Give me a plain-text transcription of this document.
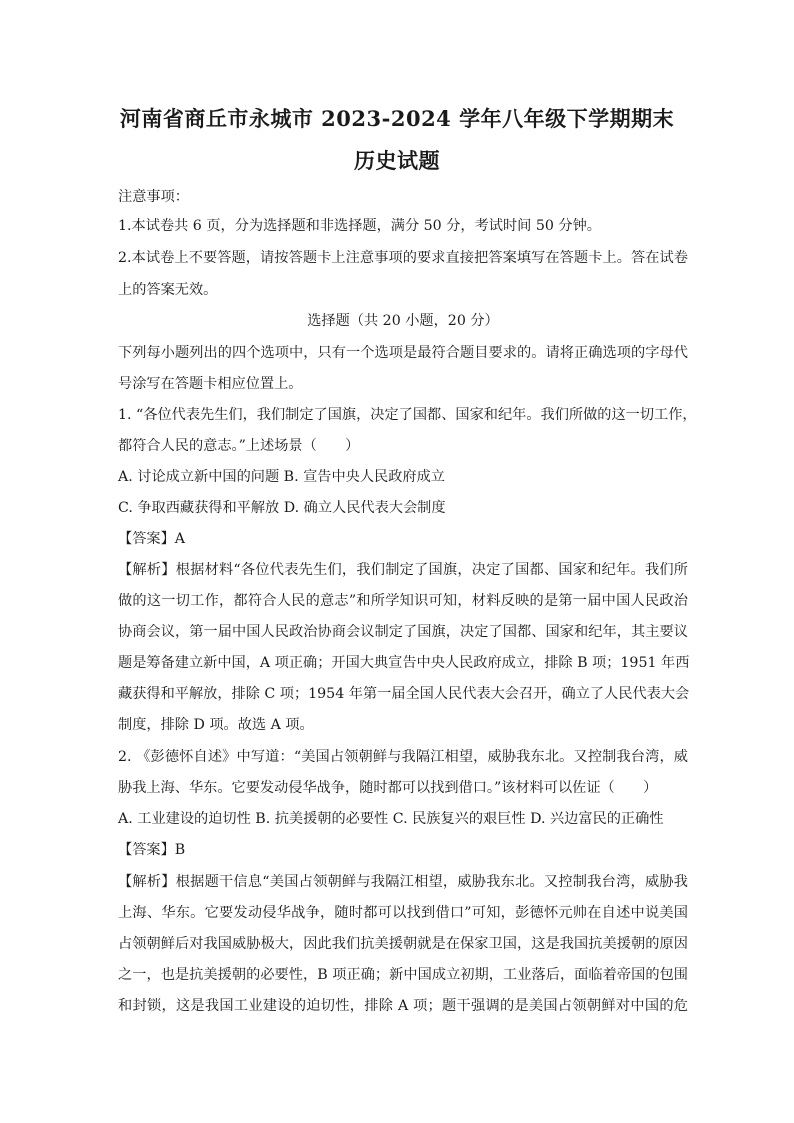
河南省商丘市永城市 2023-2024 学年八年级下学期期末
历史试题
注意事项：
1.本试卷共 6 页，分为选择题和非选择题，满分 50 分，考试时间 50 分钟。
2.本试卷上不要答题，请按答题卡上注意事项的要求直接把答案填写在答题卡上。答在试卷
上的答案无效。
选择题（共 20 小题，20 分）
下列每小题列出的四个选项中，只有一个选项是最符合题目要求的。请将正确选项的字母代
号涂写在答题卡相应位置上。
1. “各位代表先生们，我们制定了国旗，决定了国都、国家和纪年。我们所做的这一切工作，
都符合人民的意志。”上述场景（　　）
A. 讨论成立新中国的问题 B. 宣告中央人民政府成立
C. 争取西藏获得和平解放 D. 确立人民代表大会制度
【答案】A
【解析】根据材料“各位代表先生们，我们制定了国旗，决定了国都、国家和纪年。我们所
做的这一切工作，都符合人民的意志”和所学知识可知，材料反映的是第一届中国人民政治
协商会议，第一届中国人民政治协商会议制定了国旗，决定了国都、国家和纪年，其主要议
题是筹备建立新中国，A 项正确；开国大典宣告中央人民政府成立，排除 B 项；1951 年西
藏获得和平解放，排除 C 项；1954 年第一届全国人民代表大会召开，确立了人民代表大会
制度，排除 D 项。故选 A 项。
2. 《彭德怀自述》中写道：“美国占领朝鲜与我隔江相望，威胁我东北。又控制我台湾，威
胁我上海、华东。它要发动侵华战争，随时都可以找到借口。”该材料可以佐证（　　）
A. 工业建设的迫切性 B. 抗美援朝的必要性 C. 民族复兴的艰巨性 D. 兴边富民的正确性
【答案】B
【解析】根据题干信息“美国占领朝鲜与我隔江相望，威胁我东北。又控制我台湾，威胁我
上海、华东。它要发动侵华战争，随时都可以找到借口”可知，彭德怀元帅在自述中说美国
占领朝鲜后对我国威胁极大，因此我们抗美援朝就是在保家卫国，这是我国抗美援朝的原因
之一，也是抗美援朝的必要性，B 项正确；新中国成立初期，工业落后，面临着帝国的包围
和封锁，这是我国工业建设的迫切性，排除 A 项；题干强调的是美国占领朝鲜对中国的危
